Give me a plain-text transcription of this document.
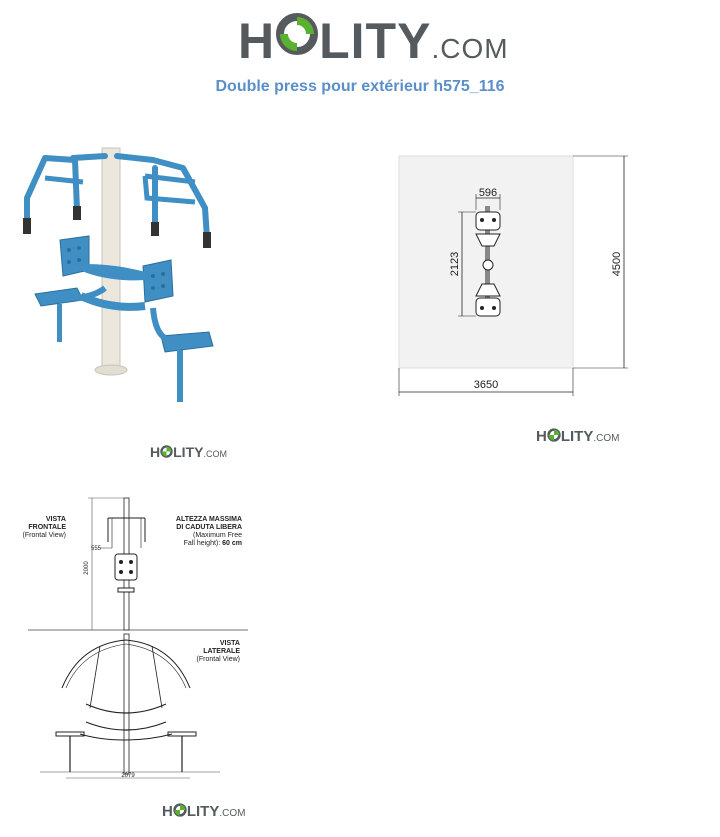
H LITY .COM
Double press pour extérieur h575_116
H LITY .COM
596
2123	4500
3650
H LITY .COM
2000
555
2079
VISTA FRONTALE
(Frontal View)
ALTEZZA MASSIMA
DI CADUTA LIBERA
(Maximum Free
Fall height): 60 cm
VISTA LATERALE
(Frontal View)
H LITY .COM
